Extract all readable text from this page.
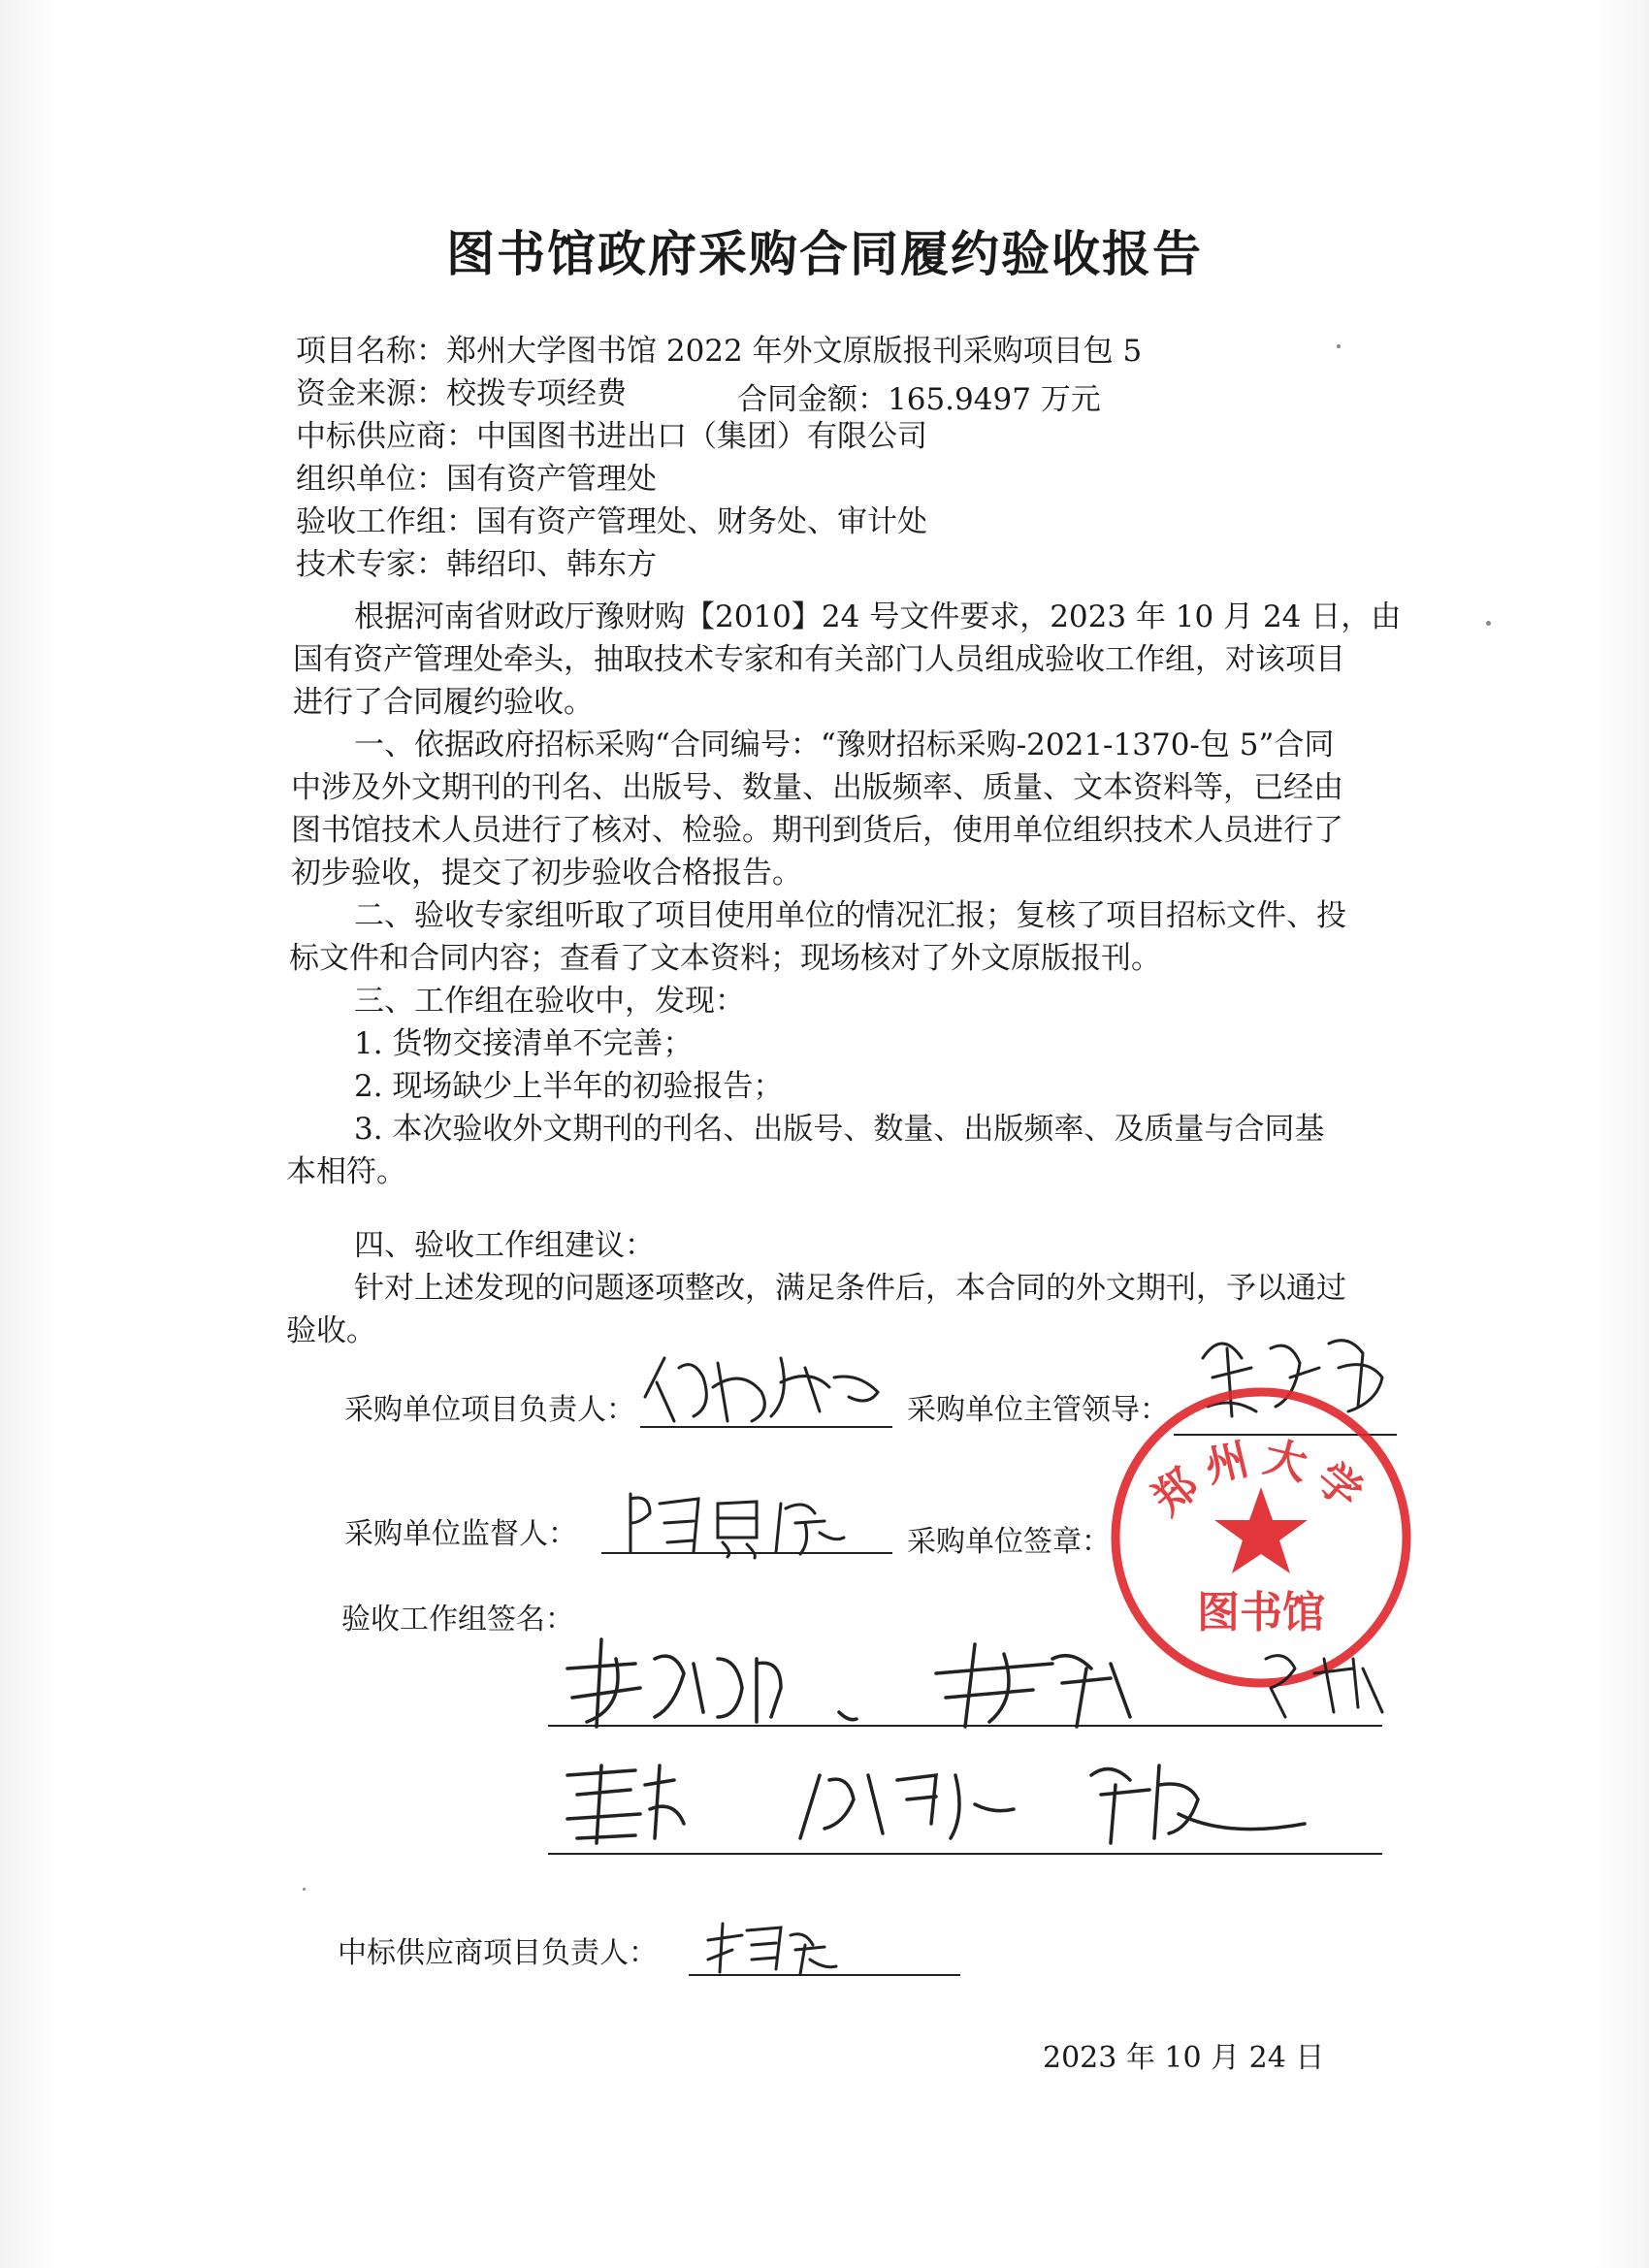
图书馆政府采购合同履约验收报告
项目名称：郑州大学图书馆 2022 年外文原版报刊采购项目包 5
资金来源：校拨专项经费	合同金额：165.9497 万元
中标供应商：中国图书进出口（集团）有限公司
组织单位：国有资产管理处
验收工作组：国有资产管理处、财务处、审计处
技术专家：韩绍印、韩东方
根据河南省财政厅豫财购【2010】24 号文件要求，2023 年 10 月 24 日，由
国有资产管理处牵头，抽取技术专家和有关部门人员组成验收工作组，对该项目
进行了合同履约验收。
一、依据政府招标采购“合同编号：“豫财招标采购-2021-1370-包 5”合同
中涉及外文期刊的刊名、出版号、数量、出版频率、质量、文本资料等，已经由
图书馆技术人员进行了核对、检验。期刊到货后，使用单位组织技术人员进行了
初步验收，提交了初步验收合格报告。
二、验收专家组听取了项目使用单位的情况汇报；复核了项目招标文件、投
标文件和合同内容；查看了文本资料；现场核对了外文原版报刊。
三、工作组在验收中，发现：
1. 货物交接清单不完善；
2. 现场缺少上半年的初验报告；
3. 本次验收外文期刊的刊名、出版号、数量、出版频率、及质量与合同基
本相符。
四、验收工作组建议：
针对上述发现的问题逐项整改，满足条件后，本合同的外文期刊，予以通过
验收。
采购单位项目负责人：	采购单位主管领导：
采购单位监督人：	采购单位签章：
郑州大学
图书馆
验收工作组签名：
中标供应商项目负责人：
2023 年 10 月 24 日
